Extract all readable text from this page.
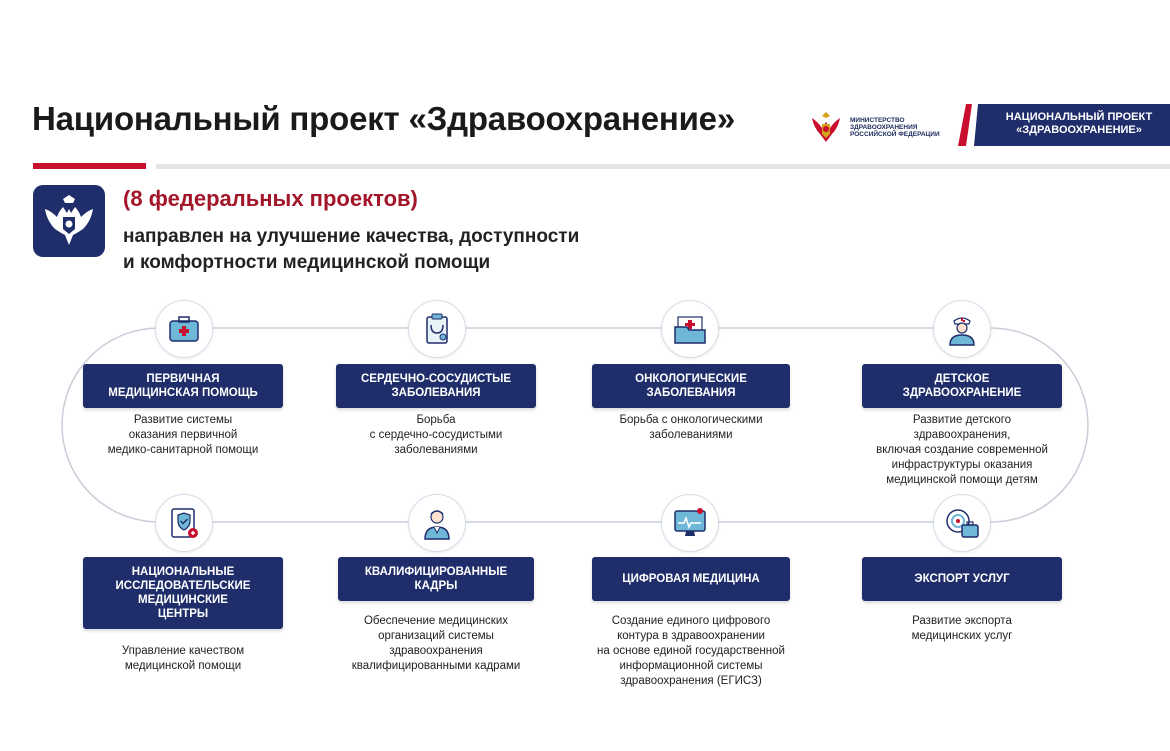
Национальный проект «Здравоохранение»	МИНИСТЕРСТВО
ЗДРАВООХРАНЕНИЯ
РОССИЙСКОЙ ФЕДЕРАЦИИ
НАЦИОНАЛЬНЫЙ ПРОЕКТ
«ЗДРАВООХРАНЕНИЕ»
(8 федеральных проектов)
направлен на улучшение качества, доступности
и комфортности медицинской помощи
ПЕРВИЧНАЯ
МЕДИЦИНСКАЯ ПОМОЩЬ
Развитие системы
оказания первичной
медико-санитарной помощи
СЕРДЕЧНО-СОСУДИСТЫЕ
ЗАБОЛЕВАНИЯ
Борьба
с сердечно-сосудистыми
заболеваниями
ОНКОЛОГИЧЕСКИЕ
ЗАБОЛЕВАНИЯ
Борьба с онкологическими
заболеваниями
ДЕТСКОЕ
ЗДРАВООХРАНЕНИЕ
Развитие детского
здравоохранения,
включая создание современной
инфраструктуры оказания
медицинской помощи детям
НАЦИОНАЛЬНЫЕ
ИССЛЕДОВАТЕЛЬСКИЕ
МЕДИЦИНСКИЕ
ЦЕНТРЫ
Управление качеством
медицинской помощи
КВАЛИФИЦИРОВАННЫЕ
КАДРЫ
Обеспечение медицинских
организаций системы
здравоохранения
квалифицированными кадрами
ЦИФРОВАЯ МЕДИЦИНА
Создание единого цифрового
контура в здравоохранении
на основе единой государственной
информационной системы
здравоохранения (ЕГИСЗ)
ЭКСПОРТ УСЛУГ
Развитие экспорта
медицинских услуг
